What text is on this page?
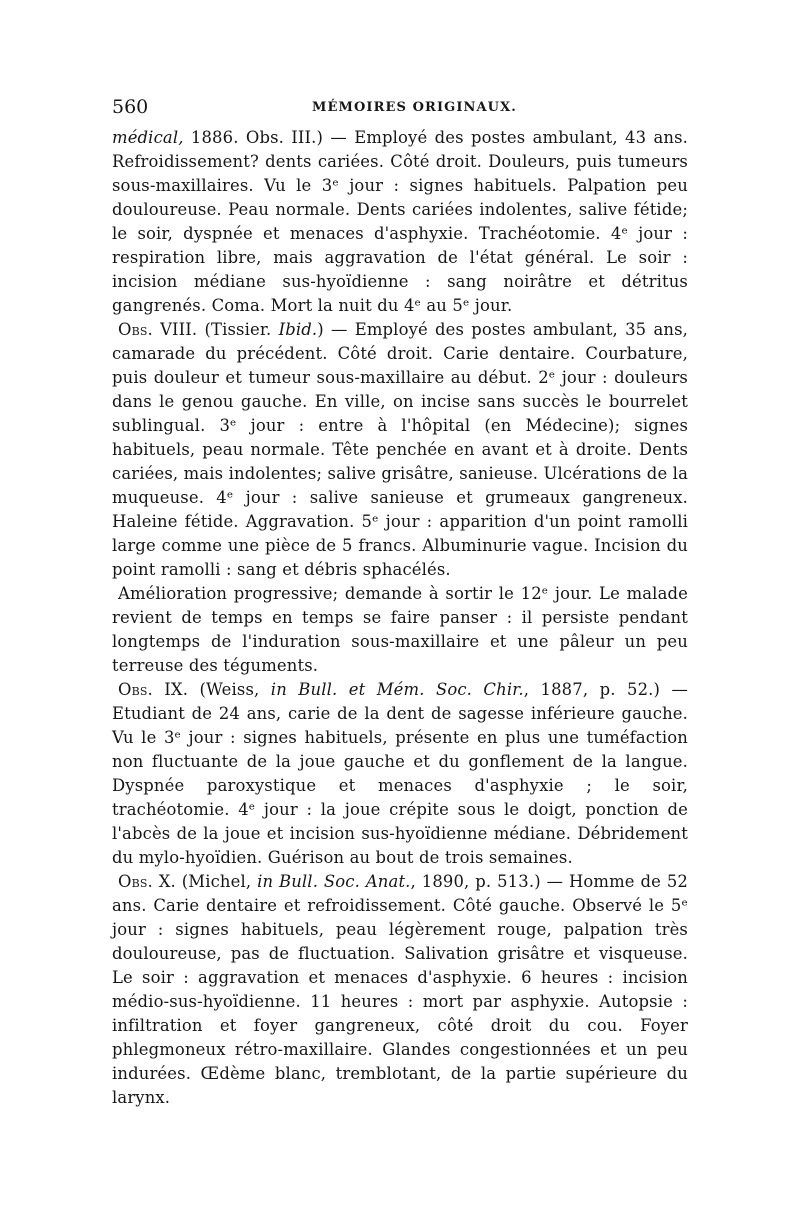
560	MÉMOIRES ORIGINAUX.

médical, 1886. Obs. III.) — Employé des postes ambulant, 43 ans. Refroidissement? dents cariées. Côté droit. Douleurs, puis tumeurs sous-maxillaires. Vu le 3ᵉ jour : signes habituels. Palpation peu douloureuse. Peau normale. Dents cariées indolentes, salive fétide; le soir, dyspnée et menaces d'asphyxie. Trachéotomie. 4ᵉ jour : respiration libre, mais aggravation de l'état général. Le soir : incision médiane sus-hyoïdienne : sang noirâtre et détritus gangrenés. Coma. Mort la nuit du 4ᵉ au 5ᵉ jour.

Obs. VIII. (Tissier. Ibid.) — Employé des postes ambulant, 35 ans, camarade du précédent. Côté droit. Carie dentaire. Courbature, puis douleur et tumeur sous-maxillaire au début. 2ᵉ jour : douleurs dans le genou gauche. En ville, on incise sans succès le bourrelet sublingual. 3ᵉ jour : entre à l'hôpital (en Médecine); signes habituels, peau normale. Tête penchée en avant et à droite. Dents cariées, mais indolentes; salive grisâtre, sanieuse. Ulcérations de la muqueuse. 4ᵉ jour : salive sanieuse et grumeaux gangreneux. Haleine fétide. Aggravation. 5ᵉ jour : apparition d'un point ramolli large comme une pièce de 5 francs. Albuminurie vague. Incision du point ramolli : sang et débris sphacélés.

Amélioration progressive; demande à sortir le 12ᵉ jour. Le malade revient de temps en temps se faire panser : il persiste pendant longtemps de l'induration sous-maxillaire et une pâleur un peu terreuse des téguments.

Obs. IX. (Weiss, in Bull. et Mém. Soc. Chir., 1887, p. 52.) — Etudiant de 24 ans, carie de la dent de sagesse inférieure gauche. Vu le 3ᵉ jour : signes habituels, présente en plus une tuméfaction non fluctuante de la joue gauche et du gonflement de la langue. Dyspnée paroxystique et menaces d'asphyxie ; le soir, trachéotomie. 4ᵉ jour : la joue crépite sous le doigt, ponction de l'abcès de la joue et incision sus-hyoïdienne médiane. Débridement du mylo-hyoïdien. Guérison au bout de trois semaines.

Obs. X. (Michel, in Bull. Soc. Anat., 1890, p. 513.) — Homme de 52 ans. Carie dentaire et refroidissement. Côté gauche. Observé le 5ᵉ jour : signes habituels, peau légèrement rouge, palpation très douloureuse, pas de fluctuation. Salivation grisâtre et visqueuse. Le soir : aggravation et menaces d'asphyxie. 6 heures : incision médio-sus-hyoïdienne. 11 heures : mort par asphyxie. Autopsie : infiltration et foyer gangreneux, côté droit du cou. Foyer phlegmoneux rétro-maxillaire. Glandes congestionnées et un peu indurées. Œdème blanc, tremblotant, de la partie supérieure du larynx.
